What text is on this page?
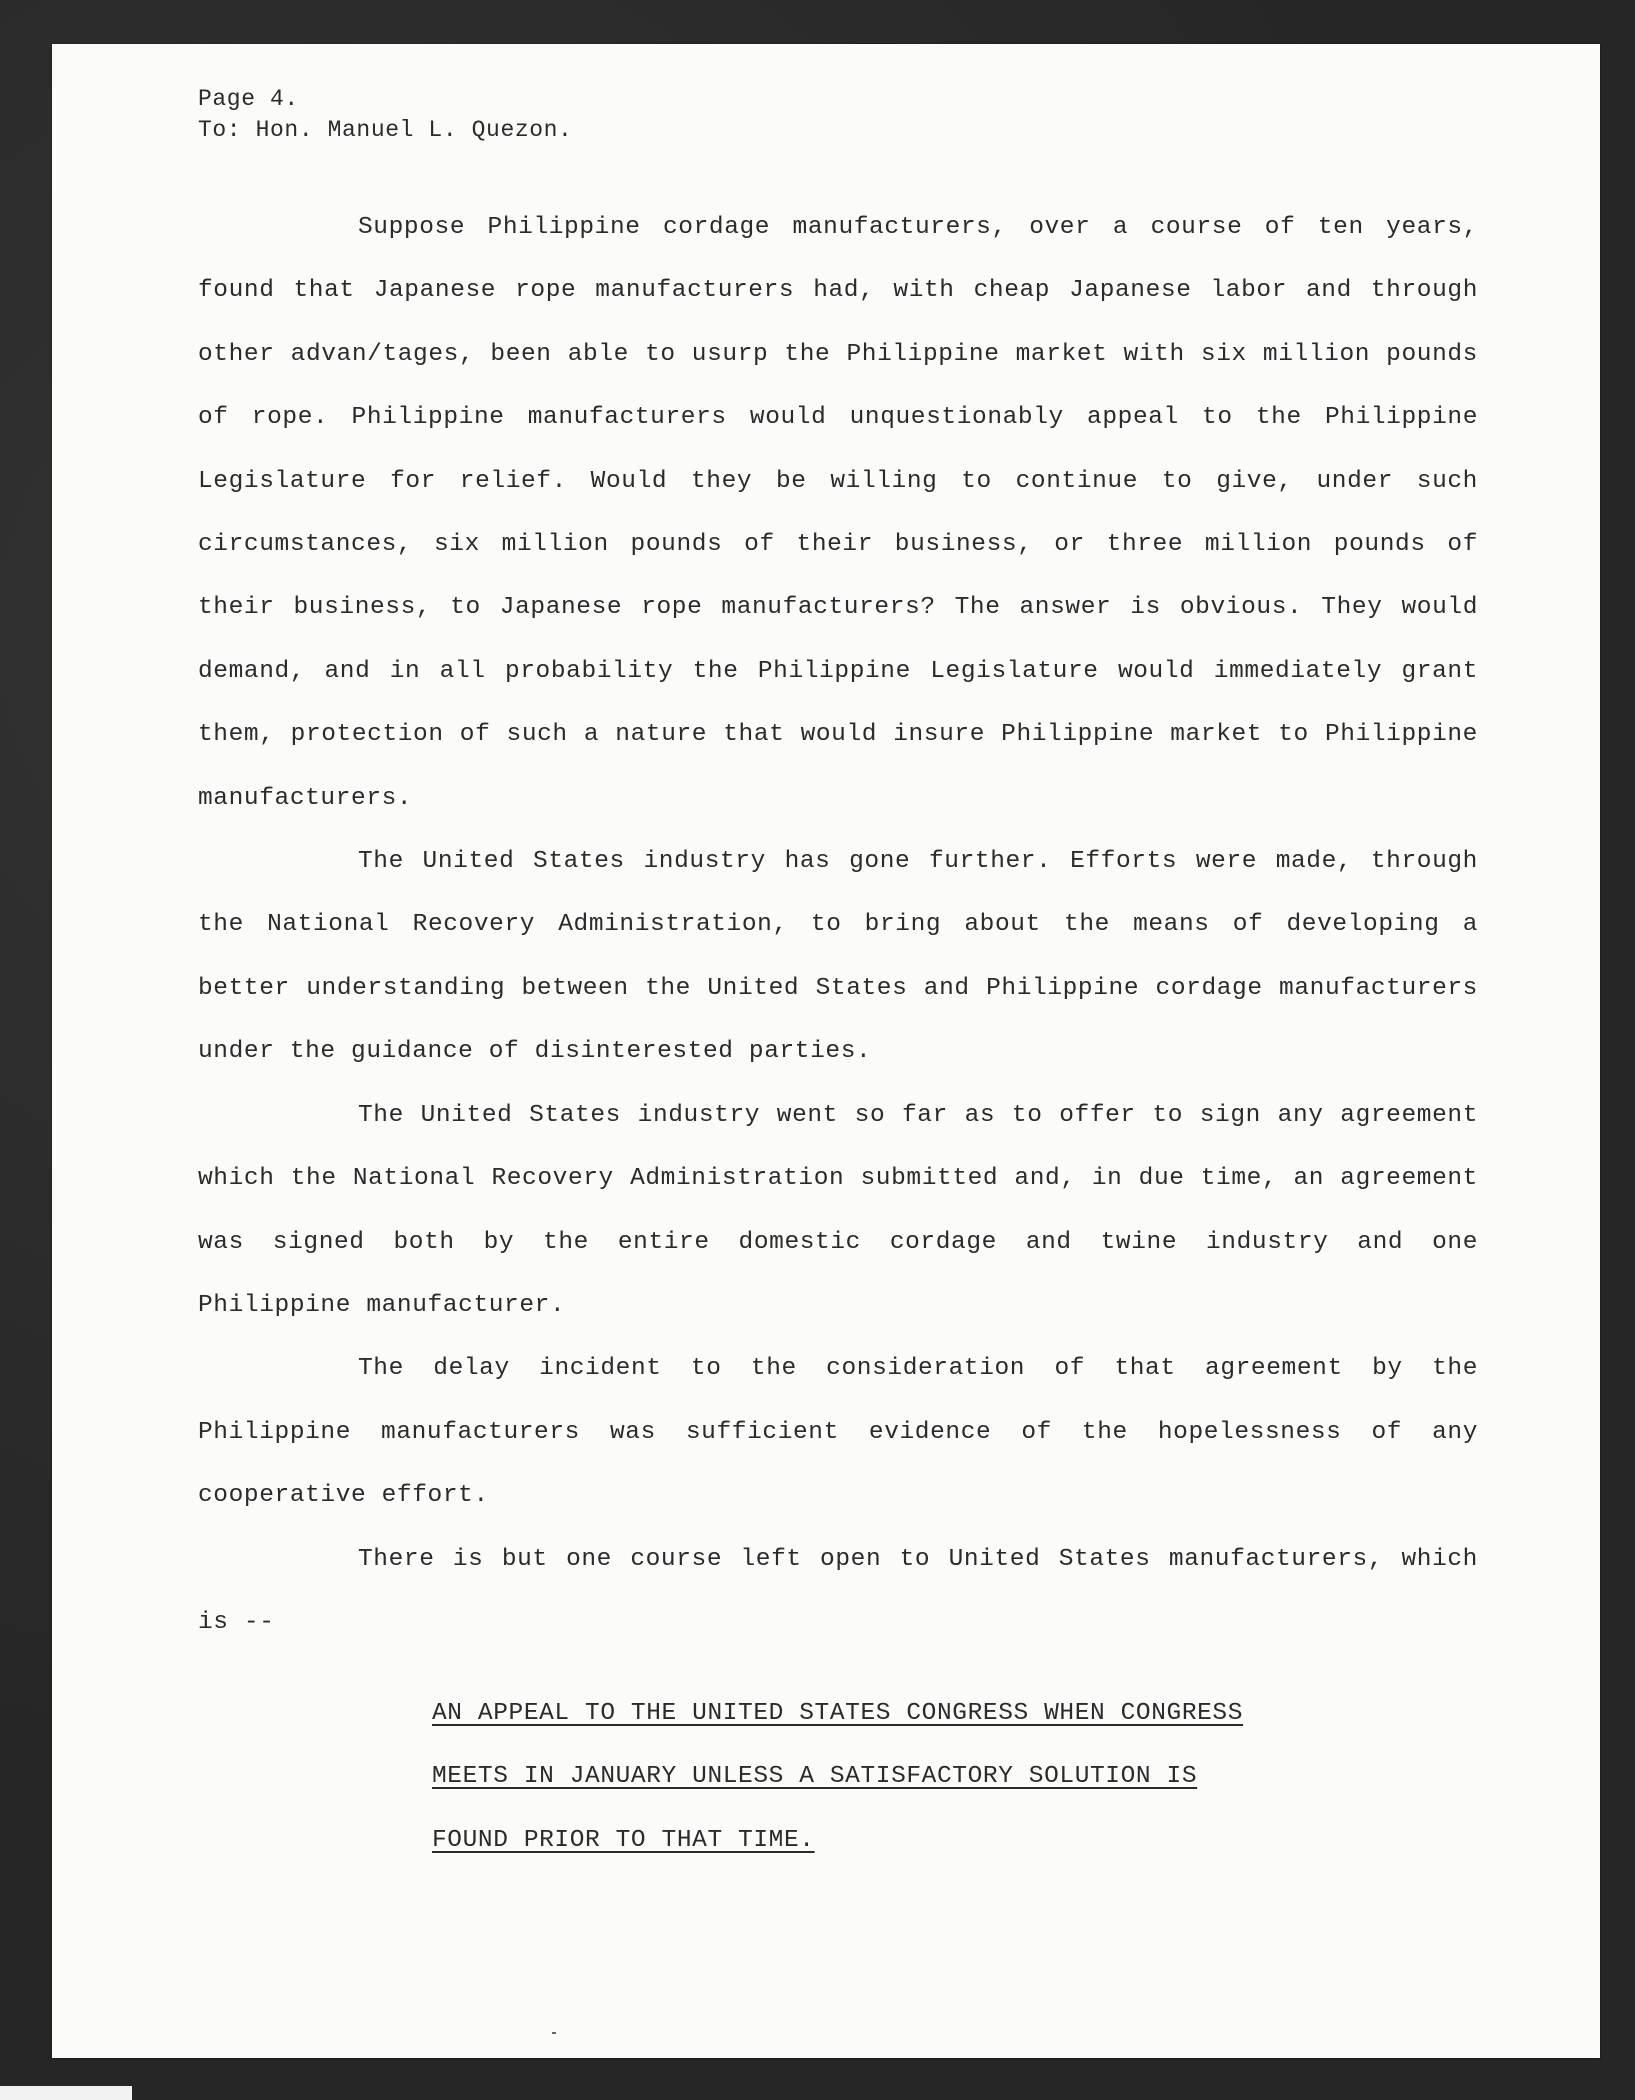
Page 4.
To: Hon. Manuel L. Quezon.

Suppose Philippine cordage manufacturers, over a course of ten years, found that Japanese rope manufacturers had, with cheap Japanese labor and through other advan/tages, been able to usurp the Philippine market with six million pounds of rope. Philippine manufacturers would unquestionably appeal to the Philippine Legislature for relief. Would they be willing to continue to give, under such circumstances, six million pounds of their business, or three million pounds of their business, to Japanese rope manufacturers? The answer is obvious. They would demand, and in all probability the Philippine Legislature would immediately grant them, protection of such a nature that would insure Philippine market to Philippine manufacturers.

The United States industry has gone further. Efforts were made, through the National Recovery Administration, to bring about the means of developing a better understanding between the United States and Philippine cordage manufacturers under the guidance of disinterested parties.

The United States industry went so far as to offer to sign any agreement which the National Recovery Administration submitted and, in due time, an agreement was signed both by the entire domestic cordage and twine industry and one Philippine manufacturer.

The delay incident to the consideration of that agreement by the Philippine manufacturers was sufficient evidence of the hopelessness of any cooperative effort.

There is but one course left open to United States manufacturers, which is --

AN APPEAL TO THE UNITED STATES CONGRESS WHEN CONGRESS
MEETS IN JANUARY UNLESS A SATISFACTORY SOLUTION IS
FOUND PRIOR TO THAT TIME.
